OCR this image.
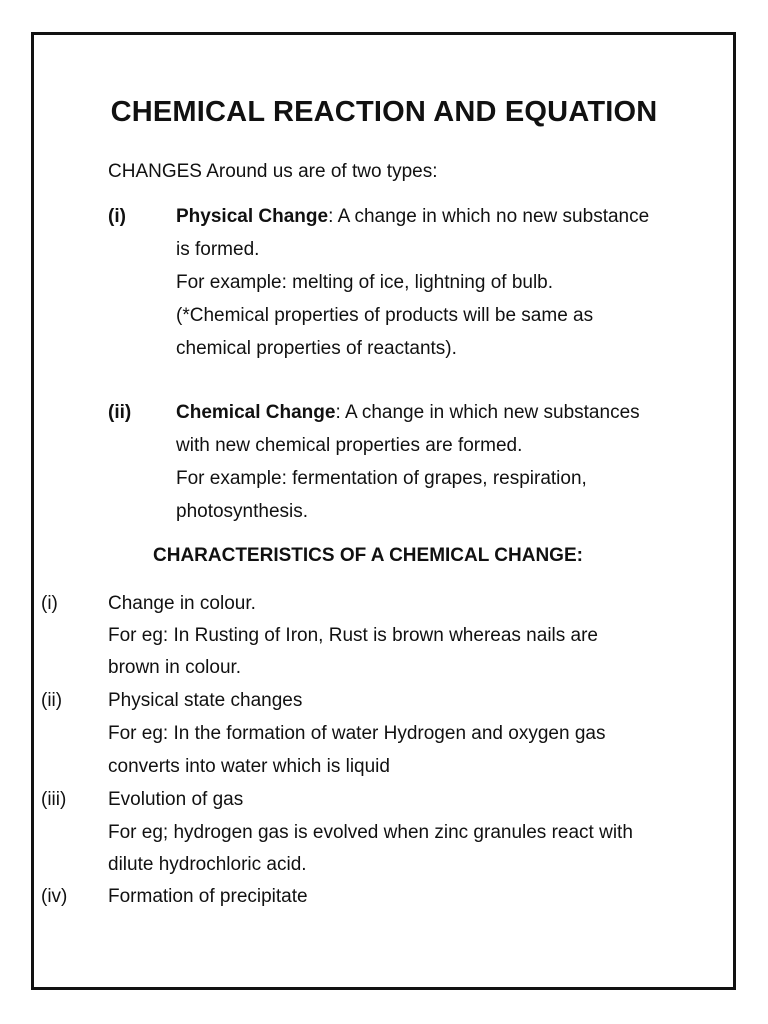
CHEMICAL REACTION AND EQUATION
CHANGES Around us are of two types:
(i)	Physical Change: A change in which no new substance
is formed.
For example: melting of ice, lightning of bulb.
(*Chemical properties of products will be same as
chemical properties of reactants).
(ii) Chemical Change: A change in which new substances
with new chemical properties are formed.
For example: fermentation of grapes, respiration,
photosynthesis.
CHARACTERISTICS OF A CHEMICAL CHANGE:
(i)	Change in colour.
For eg: In Rusting of Iron, Rust is brown whereas nails are
brown in colour.
(ii) Physical state changes
For eg: In the formation of water Hydrogen and oxygen gas
converts into water which is liquid
(iii) Evolution of gas
For eg; hydrogen gas is evolved when zinc granules react with
dilute hydrochloric acid.
(iv) Formation of precipitate
